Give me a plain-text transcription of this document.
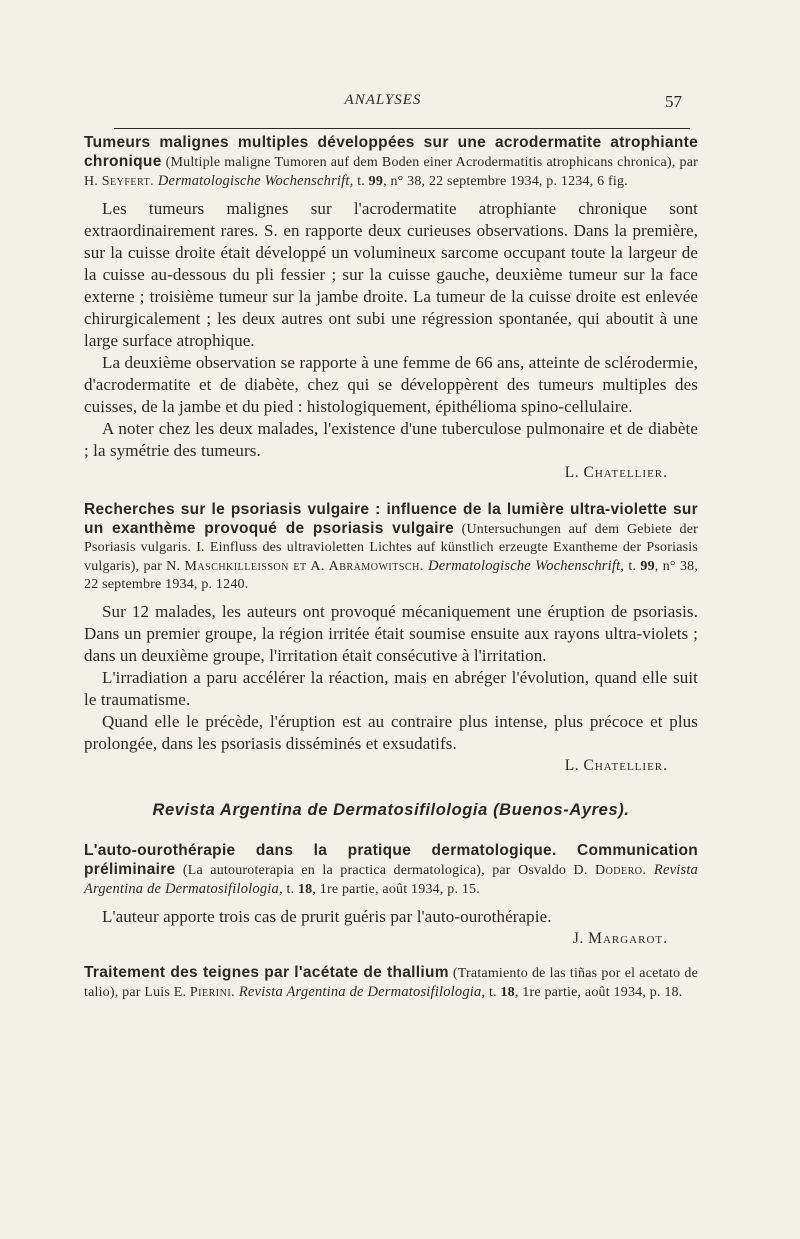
ANALYSES	57
Tumeurs malignes multiples développées sur une acrodermatite atrophiante chronique (Multiple maligne Tumoren auf dem Boden einer Acrodermatitis atrophicans chronica), par H. Seyfert. Dermatologische Wochenschrift, t. 99, n° 38, 22 septembre 1934, p. 1234, 6 fig.

Les tumeurs malignes sur l'acrodermatite atrophiante chronique sont extraordinairement rares. S. en rapporte deux curieuses observations. Dans la première, sur la cuisse droite était développé un volumineux sarcome occupant toute la largeur de la cuisse au-dessous du pli fessier ; sur la cuisse gauche, deuxième tumeur sur la face externe ; troisième tumeur sur la jambe droite. La tumeur de la cuisse droite est enlevée chirurgicalement ; les deux autres ont subi une régression spontanée, qui aboutit à une large surface atrophique.

La deuxième observation se rapporte à une femme de 66 ans, atteinte de sclérodermie, d'acrodermatite et de diabète, chez qui se développèrent des tumeurs multiples des cuisses, de la jambe et du pied : histologiquement, épithélioma spino-cellulaire.

A noter chez les deux malades, l'existence d'une tuberculose pulmonaire et de diabète ; la symétrie des tumeurs.

L. Chatellier.
Recherches sur le psoriasis vulgaire : influence de la lumière ultra-violette sur un exanthème provoqué de psoriasis vulgaire (Untersuchungen auf dem Gebiete der Psoriasis vulgaris. I. Einfluss des ultravioletten Lichtes auf künstlich erzeugte Exantheme der Psoriasis vulgaris), par N. Maschkilleisson et A. Abramowitsch. Dermatologische Wochenschrift, t. 99, n° 38, 22 septembre 1934, p. 1240.

Sur 12 malades, les auteurs ont provoqué mécaniquement une éruption de psoriasis. Dans un premier groupe, la région irritée était soumise ensuite aux rayons ultra-violets ; dans un deuxième groupe, l'irritation était consécutive à l'irritation.

L'irradiation a paru accélérer la réaction, mais en abréger l'évolution, quand elle suit le traumatisme.

Quand elle le précède, l'éruption est au contraire plus intense, plus précoce et plus prolongée, dans les psoriasis disséminés et exsudatifs.

L. Chatellier.
Revista Argentina de Dermatosifilologia (Buenos-Ayres).
L'auto-ourothérapie dans la pratique dermatologique. Communication préliminaire (La autouroterapia en la practica dermatologica), par Osvaldo D. Dodero. Revista Argentina de Dermatosifilologia, t. 18, 1re partie, août 1934, p. 15.

L'auteur apporte trois cas de prurit guéris par l'auto-ourothérapie.

J. Margarot.
Traitement des teignes par l'acétate de thallium (Tratamiento de las tiñas por el acetato de talio), par Luis E. Pierini. Revista Argentina de Dermatosifilologia, t. 18, 1re partie, août 1934, p. 18.
